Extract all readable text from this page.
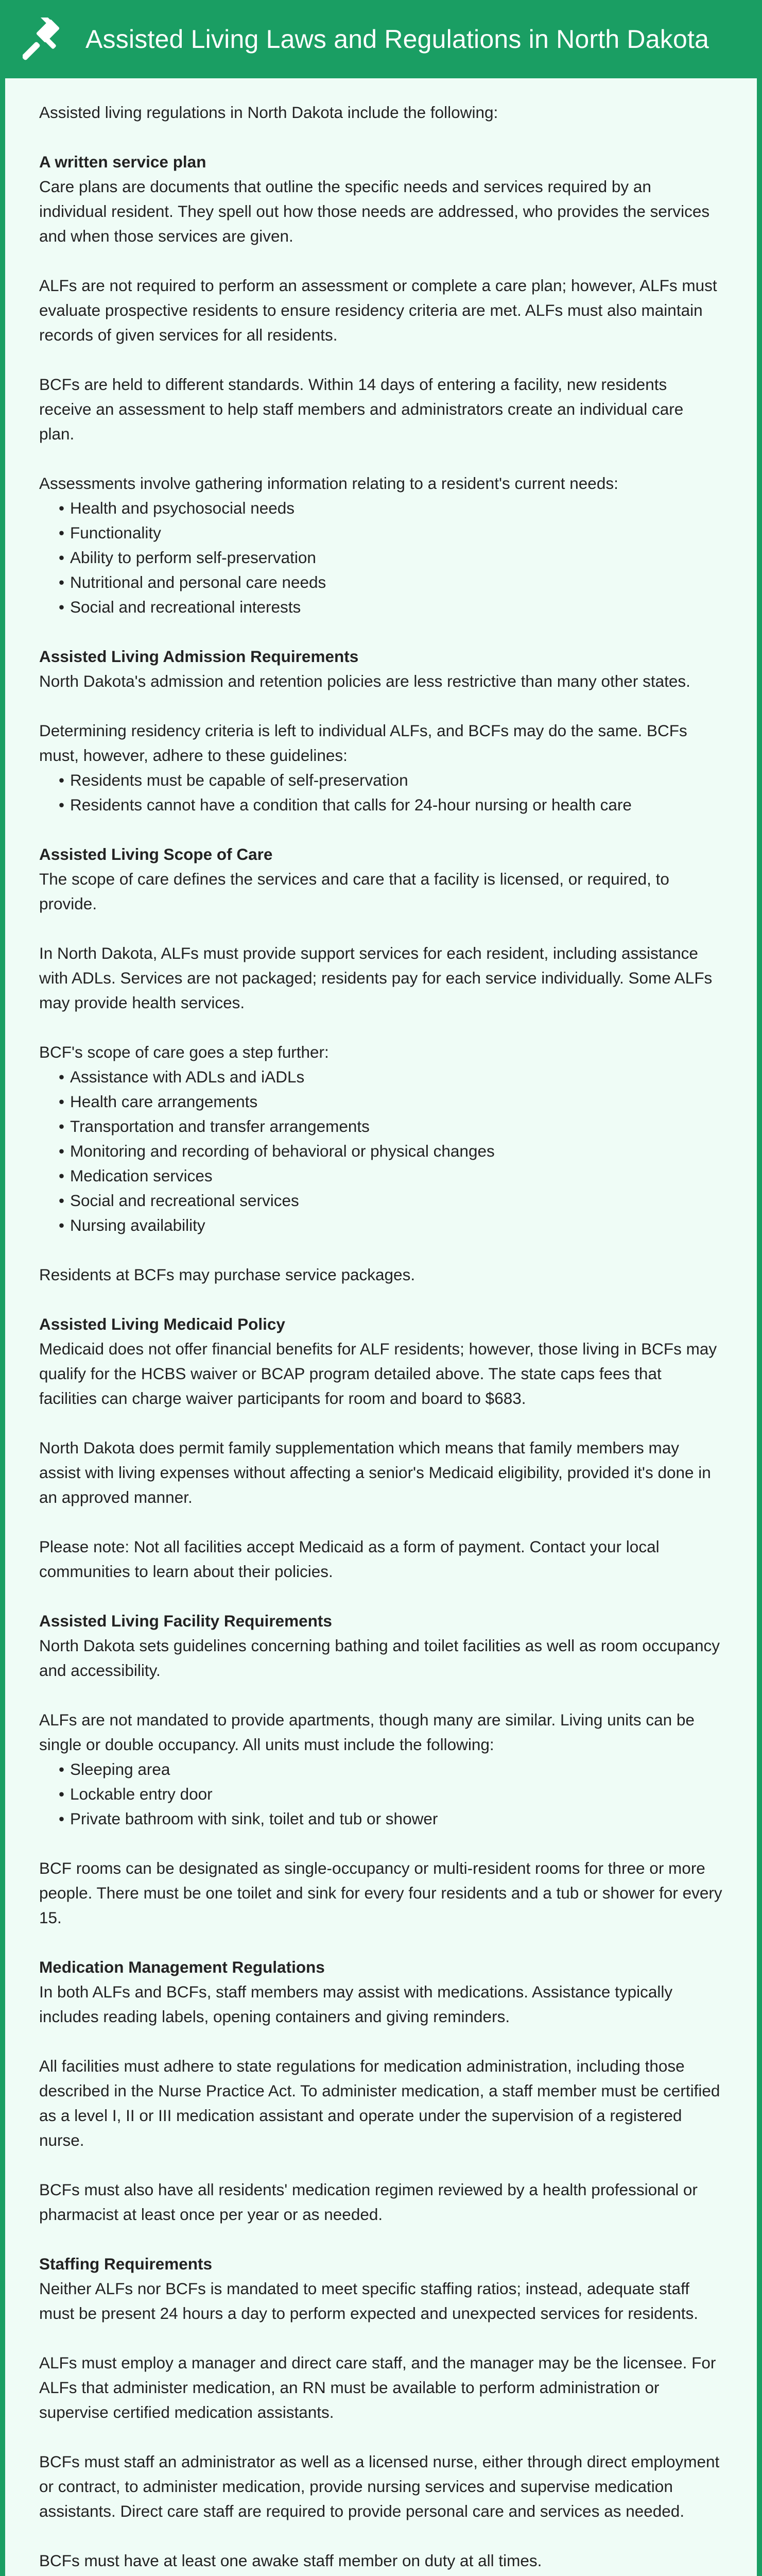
Assisted Living Laws and Regulations in North Dakota

Assisted living regulations in North Dakota include the following:

A written service plan

Care plans are documents that outline the specific needs and services required by an individual resident. They spell out how those needs are addressed, who provides the services and when those services are given.

ALFs are not required to perform an assessment or complete a care plan; however, ALFs must evaluate prospective residents to ensure residency criteria are met. ALFs must also maintain records of given services for all residents.

BCFs are held to different standards. Within 14 days of entering a facility, new residents receive an assessment to help staff members and administrators create an individual care plan.

Assessments involve gathering information relating to a resident's current needs:

• Health and psychosocial needs
• Functionality
• Ability to perform self-preservation
• Nutritional and personal care needs
• Social and recreational interests
Assisted Living Admission Requirements

North Dakota's admission and retention policies are less restrictive than many other states.

Determining residency criteria is left to individual ALFs, and BCFs may do the same. BCFs must, however, adhere to these guidelines:

• Residents must be capable of self-preservation
• Residents cannot have a condition that calls for 24-hour nursing or health care
Assisted Living Scope of Care

The scope of care defines the services and care that a facility is licensed, or required, to provide.

In North Dakota, ALFs must provide support services for each resident, including assistance with ADLs. Services are not packaged; residents pay for each service individually. Some ALFs may provide health services.

BCF's scope of care goes a step further:

• Assistance with ADLs and iADLs
• Health care arrangements
• Transportation and transfer arrangements
• Monitoring and recording of behavioral or physical changes
• Medication services
• Social and recreational services
• Nursing availability

Residents at BCFs may purchase service packages.

Assisted Living Medicaid Policy

Medicaid does not offer financial benefits for ALF residents; however, those living in BCFs may qualify for the HCBS waiver or BCAP program detailed above. The state caps fees that facilities can charge waiver participants for room and board to $683.

North Dakota does permit family supplementation which means that family members may assist with living expenses without affecting a senior's Medicaid eligibility, provided it's done in an approved manner.

Please note: Not all facilities accept Medicaid as a form of payment. Contact your local communities to learn about their policies.

Assisted Living Facility Requirements

North Dakota sets guidelines concerning bathing and toilet facilities as well as room occupancy and accessibility.

ALFs are not mandated to provide apartments, though many are similar. Living units can be single or double occupancy. All units must include the following:

• Sleeping area
• Lockable entry door
• Private bathroom with sink, toilet and tub or shower

BCF rooms can be designated as single-occupancy or multi-resident rooms for three or more people. There must be one toilet and sink for every four residents and a tub or shower for every 15.

Medication Management Regulations

In both ALFs and BCFs, staff members may assist with medications. Assistance typically includes reading labels, opening containers and giving reminders.

All facilities must adhere to state regulations for medication administration, including those described in the Nurse Practice Act. To administer medication, a staff member must be certified as a level I, II or III medication assistant and operate under the supervision of a registered nurse.

BCFs must also have all residents' medication regimen reviewed by a health professional or pharmacist at least once per year or as needed.

Staffing Requirements

Neither ALFs nor BCFs is mandated to meet specific staffing ratios; instead, adequate staff must be present 24 hours a day to perform expected and unexpected services for residents.

ALFs must employ a manager and direct care staff, and the manager may be the licensee. For ALFs that administer medication, an RN must be available to perform administration or supervise certified medication assistants.

BCFs must staff an administrator as well as a licensed nurse, either through direct employment or contract, to administer medication, provide nursing services and supervise medication assistants. Direct care staff are required to provide personal care and services as needed.

BCFs must have at least one awake staff member on duty at all times.
